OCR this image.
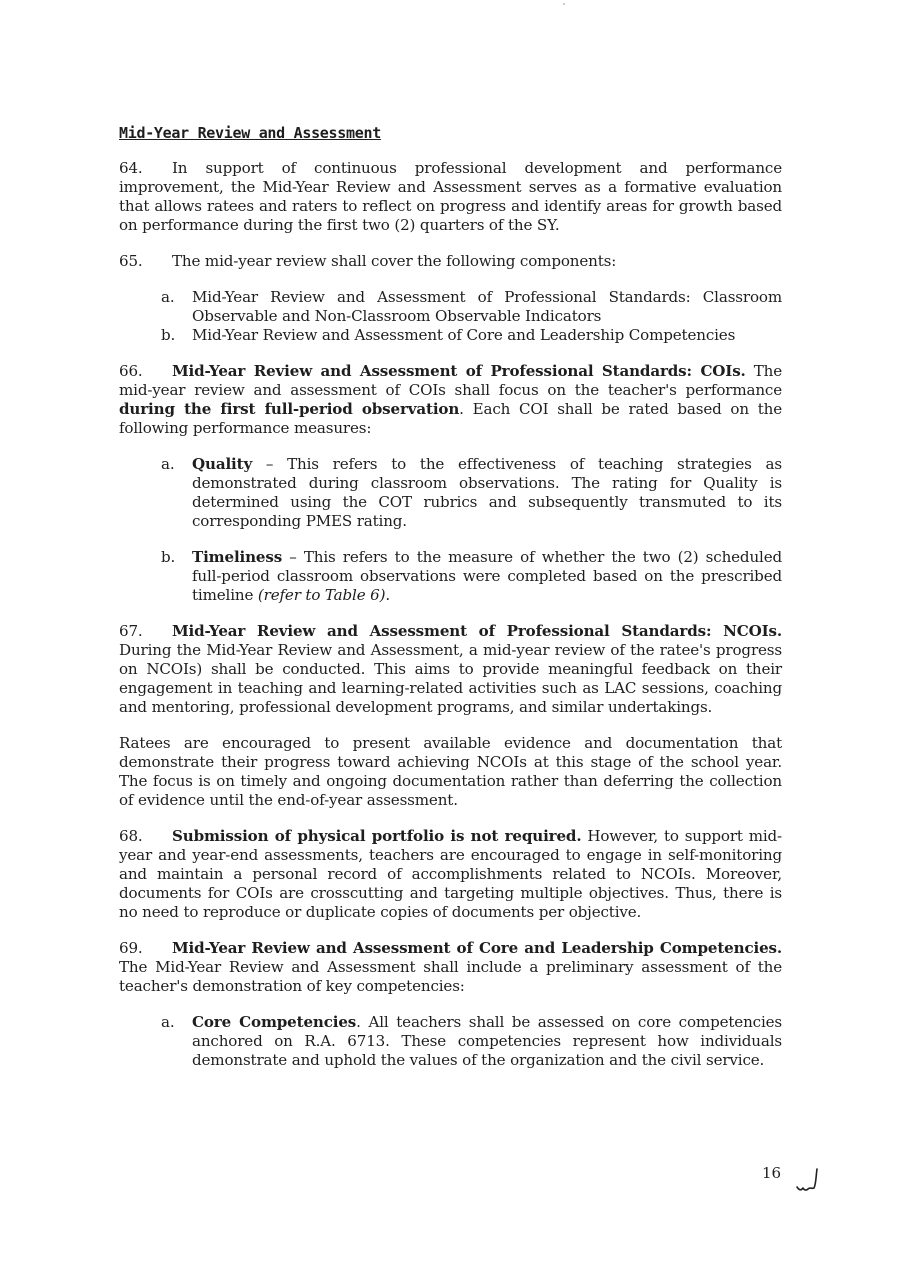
Mid-Year Review and Assessment

64. In support of continuous professional development and performance improvement, the Mid-Year Review and Assessment serves as a formative evaluation that allows ratees and raters to reflect on progress and identify areas for growth based on performance during the first two (2) quarters of the SY.

65. The mid-year review shall cover the following components:

a. Mid-Year Review and Assessment of Professional Standards: Classroom Observable and Non-Classroom Observable Indicators
b. Mid-Year Review and Assessment of Core and Leadership Competencies

66. Mid-Year Review and Assessment of Professional Standards: COIs. The mid-year review and assessment of COIs shall focus on the teacher's performance during the first full-period observation. Each COI shall be rated based on the following performance measures:

a. Quality – This refers to the effectiveness of teaching strategies as demonstrated during classroom observations. The rating for Quality is determined using the COT rubrics and subsequently transmuted to its corresponding PMES rating.
b. Timeliness – This refers to the measure of whether the two (2) scheduled full-period classroom observations were completed based on the prescribed timeline (refer to Table 6).

67. Mid-Year Review and Assessment of Professional Standards: NCOIs. During the Mid-Year Review and Assessment, a mid-year review of the ratee's progress on NCOIs) shall be conducted. This aims to provide meaningful feedback on their engagement in teaching and learning-related activities such as LAC sessions, coaching and mentoring, professional development programs, and similar undertakings.

Ratees are encouraged to present available evidence and documentation that demonstrate their progress toward achieving NCOIs at this stage of the school year. The focus is on timely and ongoing documentation rather than deferring the collection of evidence until the end-of-year assessment.

68. Submission of physical portfolio is not required. However, to support mid-year and year-end assessments, teachers are encouraged to engage in self-monitoring and maintain a personal record of accomplishments related to NCOIs. Moreover, documents for COIs are crosscutting and targeting multiple objectives. Thus, there is no need to reproduce or duplicate copies of documents per objective.

69. Mid-Year Review and Assessment of Core and Leadership Competencies. The Mid-Year Review and Assessment shall include a preliminary assessment of the teacher's demonstration of key competencies:

a. Core Competencies. All teachers shall be assessed on core competencies anchored on R.A. 6713. These competencies represent how individuals demonstrate and uphold the values of the organization and the civil service.
16
